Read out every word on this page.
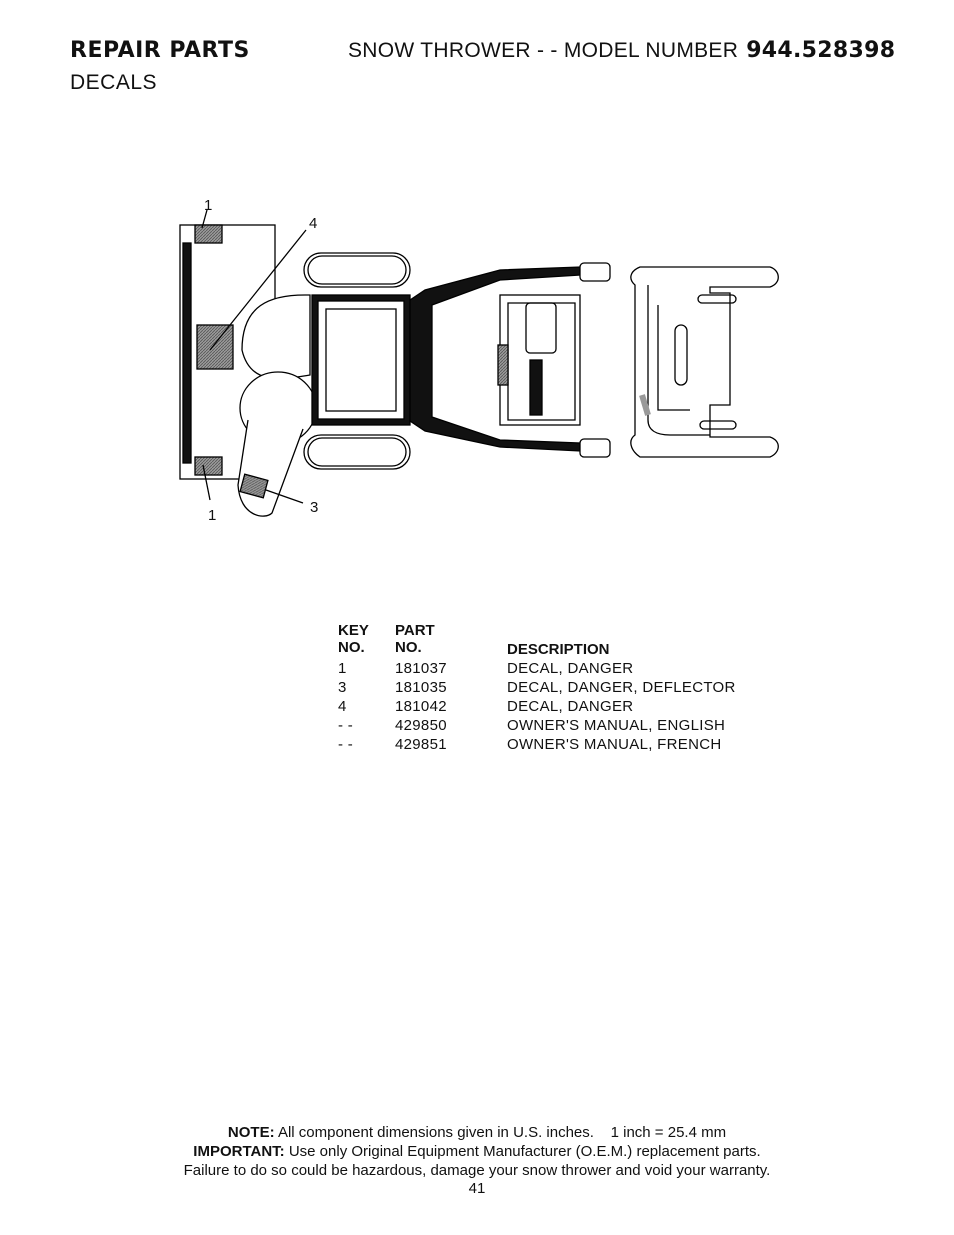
REPAIR PARTS
DECALS
SNOW THROWER - - MODEL NUMBER 944.528398
1
4
1	3
KEY
NO.
PART
NO.	DESCRIPTION
1	181037	DECAL, DANGER
3	181035	DECAL, DANGER, DEFLECTOR
4	181042	DECAL, DANGER
- -	429850	OWNER'S MANUAL, ENGLISH
- -	429851	OWNER'S MANUAL, FRENCH
NOTE: All component dimensions given in U.S. inches.    1 inch = 25.4 mm
IMPORTANT: Use only Original Equipment Manufacturer (O.E.M.) replacement parts.
Failure to do so could be hazardous, damage your snow thrower and void your warranty.
41
